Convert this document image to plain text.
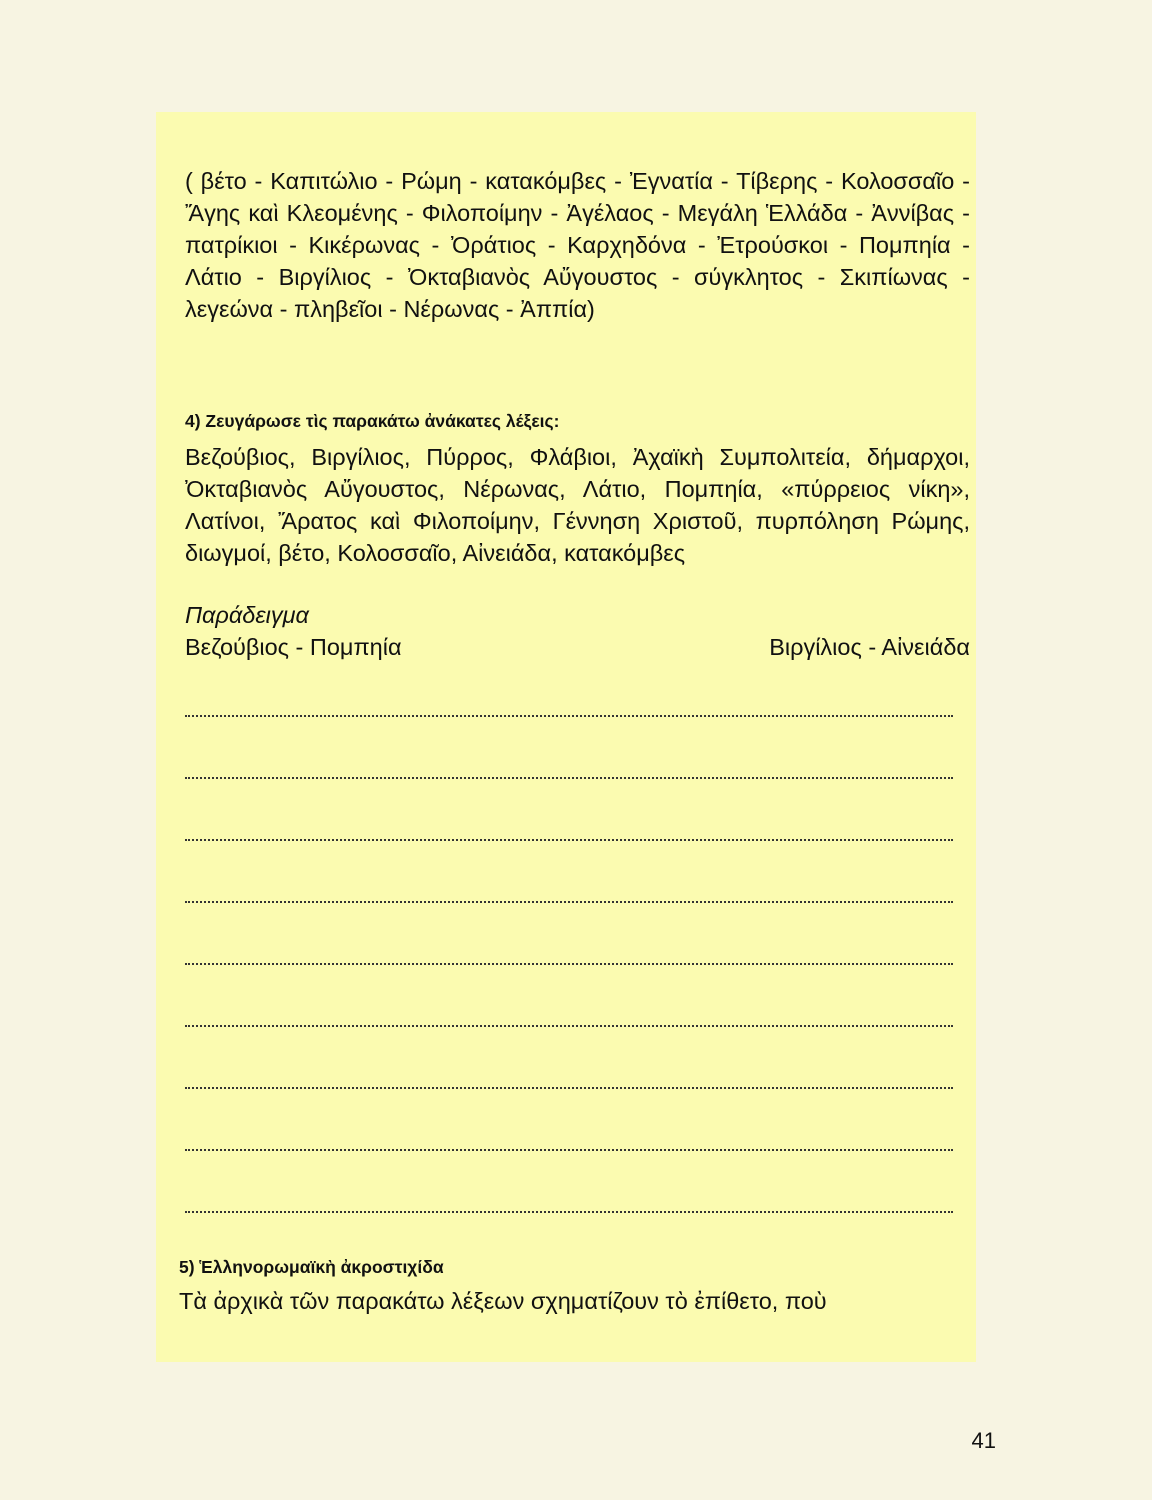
( βέτο - Καπιτώλιο - Ρώμη - κατακόμβες - Ἐγνατία - Τίβερης - Κολοσσαῖο - Ἄγης καὶ Κλεομένης - Φιλοποίμην - Ἀγέλαος - Μεγάλη Ἑλλάδα - Ἀννίβας - πατρίκιοι - Κικέρωνας - Ὀράτιος - Καρχηδόνα - Ἐτρούσκοι - Πομπηία - Λάτιο - Βιργίλιος - Ὀκταβιανὸς Αὔγουστος - σύγκλητος - Σκιπίωνας - λεγεώνα - πληβεῖοι - Νέρωνας - Ἀππία)

4) Ζευγάρωσε τὶς παρακάτω ἀνάκατες λέξεις:

Βεζούβιος, Βιργίλιος, Πύρρος, Φλάβιοι, Ἀχαϊκὴ Συμπολιτεία, δήμαρχοι, Ὀκταβιανὸς Αὔγουστος, Νέρωνας, Λάτιο, Πομπηία, «πύρρειος νίκη», Λατίνοι, Ἄρατος καὶ Φιλοποίμην, Γέννηση Χριστοῦ, πυρπόληση Ρώμης, διωγμοί, βέτο, Κολοσσαῖο, Αἰνειάδα, κατακόμβες

Παράδειγμα

Βεζούβιος - Πομπηία	Βιργίλιος - Αἰνειάδα

5) Ἑλληνορωμαϊκὴ ἀκροστιχίδα

Τὰ ἀρχικὰ τῶν παρακάτω λέξεων σχηματίζουν τὸ ἐπίθετο, ποὺ

41
